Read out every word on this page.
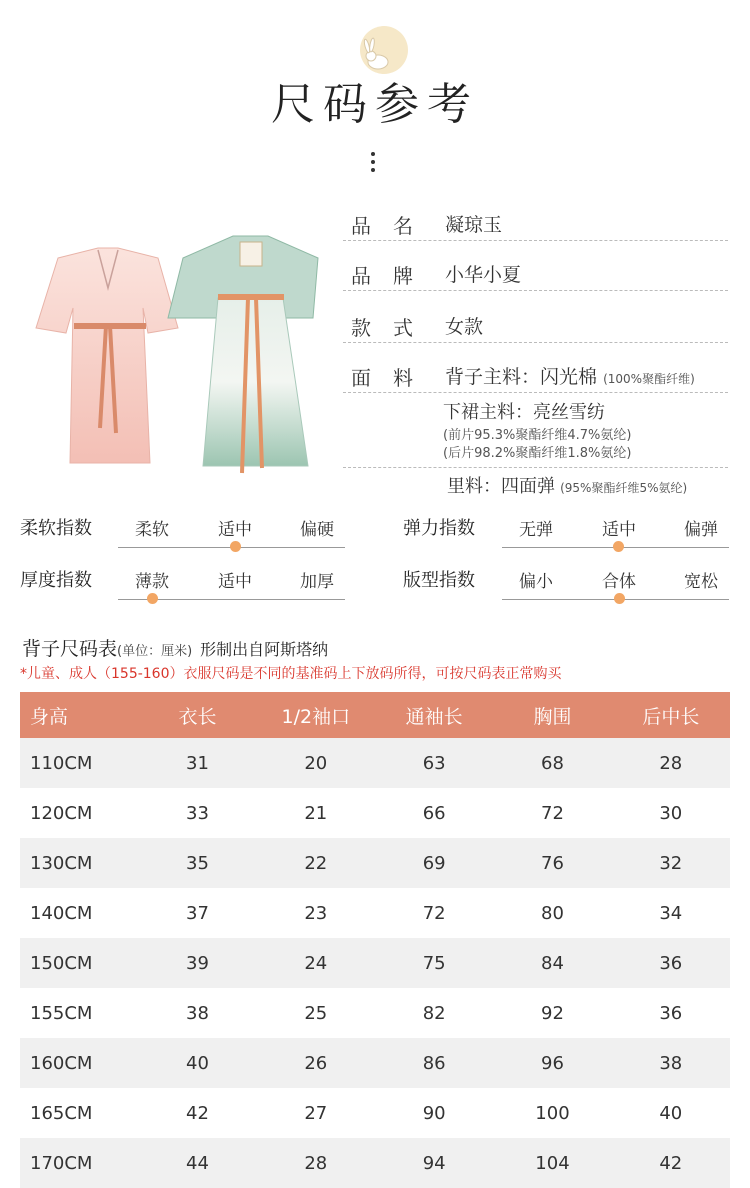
尺码参考
品名 凝琼玉
品牌 小华小夏
款式 女款
面料 背子主料：闪光棉 (100%聚酯纤维)
下裙主料：亮丝雪纺
(前片95.3%聚酯纤维4.7%氨纶)
(后片98.2%聚酯纤维1.8%氨纶)
里料：四面弹 (95%聚酯纤维5%氨纶)
柔软指数	柔软	适中	偏硬	弹力指数	无弹	适中	偏弹
厚度指数	薄款	适中	加厚	版型指数	偏小	合体	宽松
背子尺码表(单位：厘米) 形制出自阿斯塔纳
*儿童、成人（155-160）衣服尺码是不同的基准码上下放码所得，可按尺码表正常购买
身高	衣长	1/2袖口	通袖长	胸围	后中长
110CM	31	20	63	68	28
120CM	33	21	66	72	30
130CM	35	22	69	76	32
140CM	37	23	72	80	34
150CM	39	24	75	84	36
155CM	38	25	82	92	36
160CM	40	26	86	96	38
165CM	42	27	90	100	40
170CM	44	28	94	104	42
